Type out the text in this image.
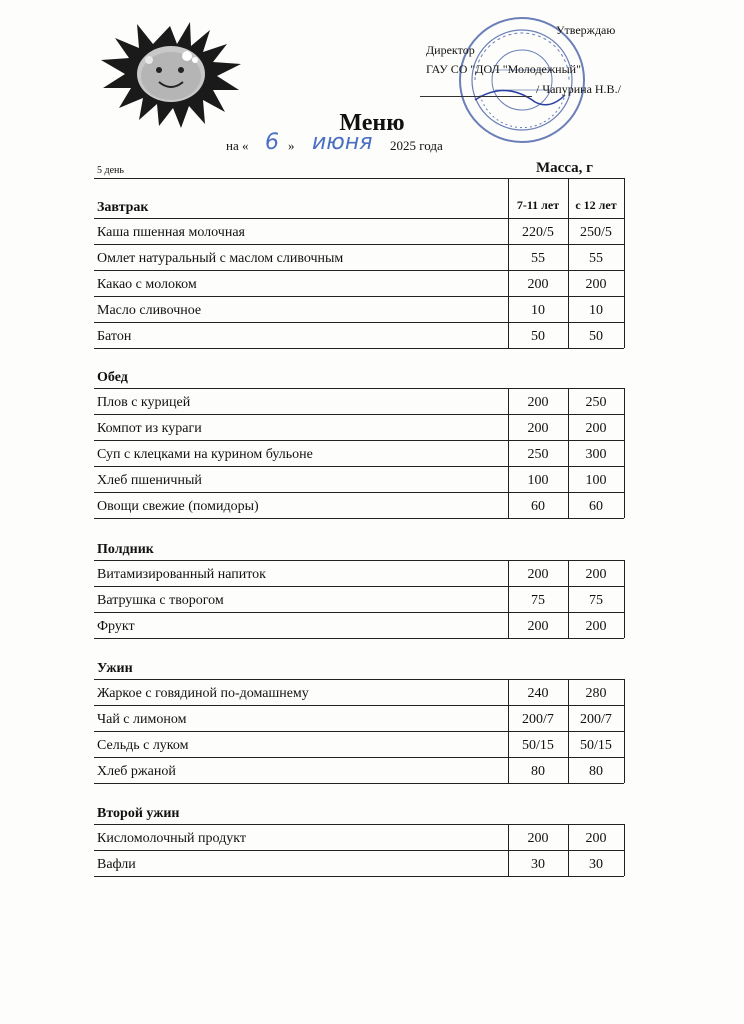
Утверждаю
Директор
ГАУ СО "ДОЛ "Молодежный"
/ Чапурина Н.В./
Меню
на « 6 » июня 2025 года
5 день	Масса, г
7-11 лет	с 12 лет
Завтрак
Каша пшенная молочная	220/5	250/5
Омлет натуральный с маслом сливочным	55	55
Какао с молоком	200	200
Масло сливочное	10	10
Батон	50	50
Обед
Плов с курицей	200	250
Компот из кураги	200	200
Суп с клецками на курином бульоне	250	300
Хлеб пшеничный	100	100
Овощи свежие (помидоры)	60	60
Полдник
Витамизированный напиток	200	200
Ватрушка с творогом	75	75
Фрукт	200	200
Ужин
Жаркое с говядиной по-домашнему	240	280
Чай с лимоном	200/7	200/7
Сельдь с луком	50/15	50/15
Хлеб ржаной	80	80
Второй ужин
Кисломолочный продукт	200	200
Вафли	30	30
